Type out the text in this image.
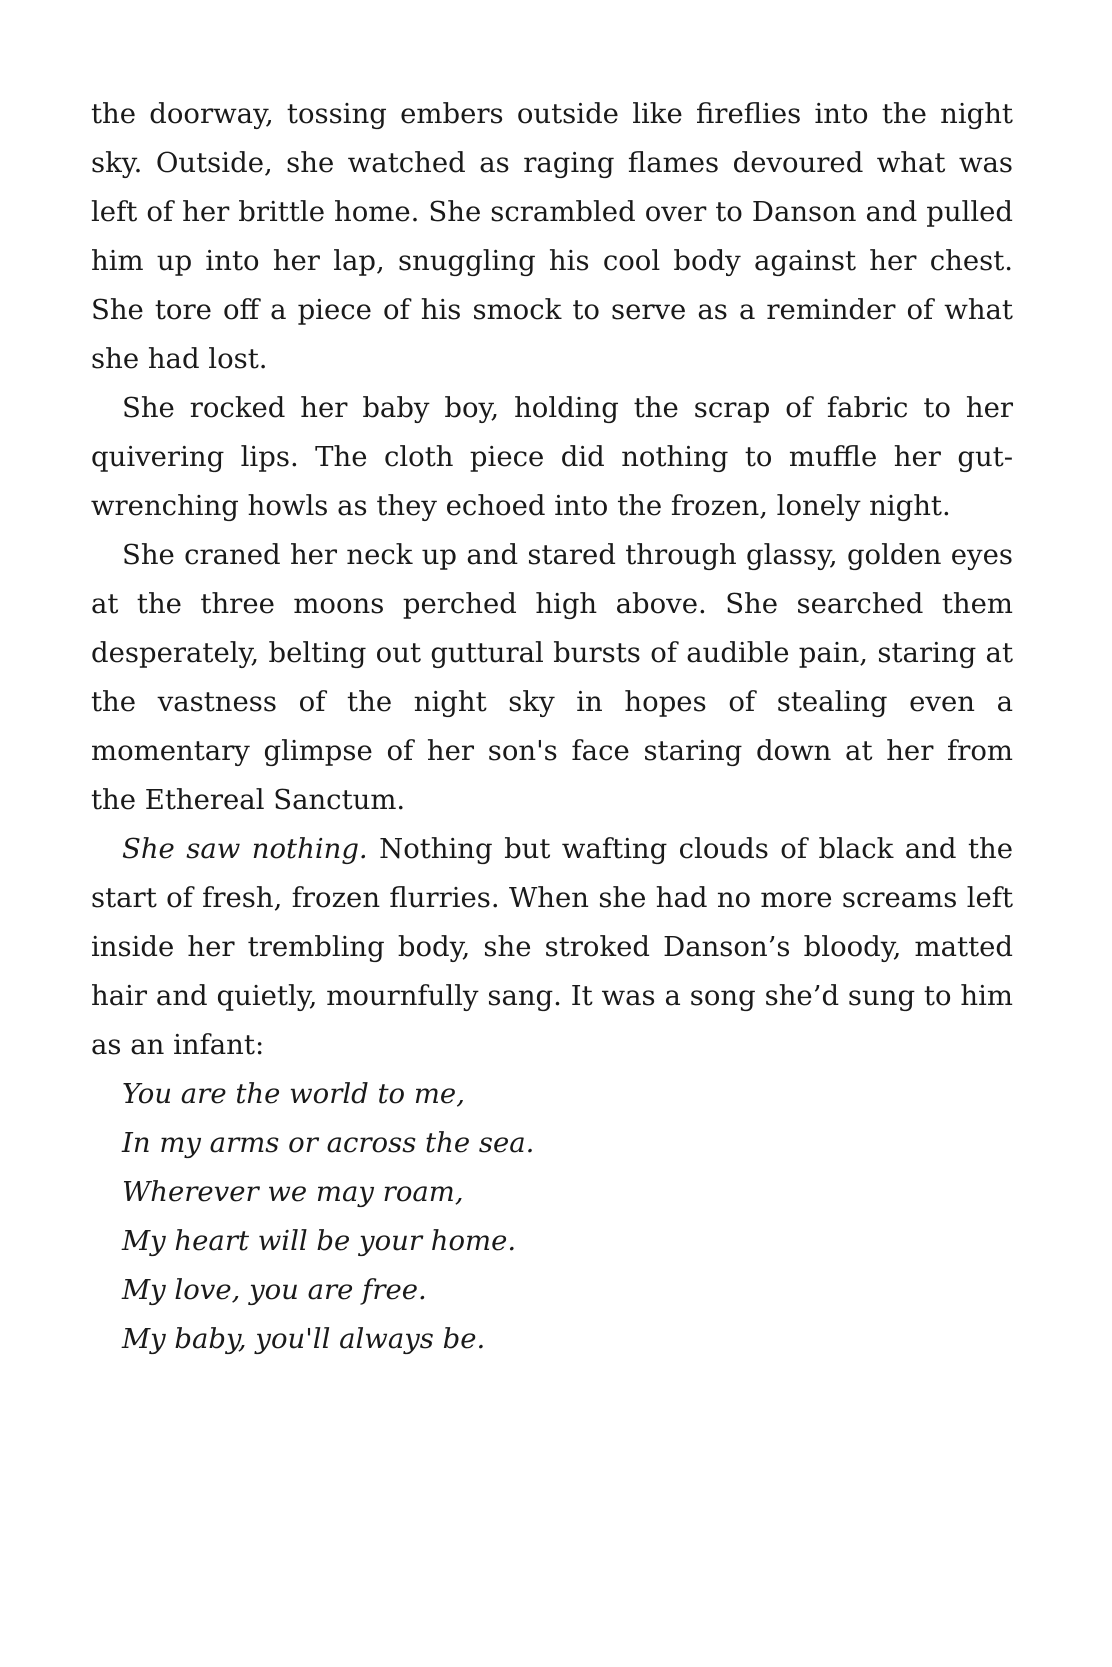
the doorway, tossing embers outside like fireflies into the night sky. Outside, she watched as raging flames devoured what was left of her brittle home. She scrambled over to Danson and pulled him up into her lap, snuggling his cool body against her chest. She tore off a piece of his smock to serve as a reminder of what she had lost.

She rocked her baby boy, holding the scrap of fabric to her quivering lips. The cloth piece did nothing to muffle her gut-wrenching howls as they echoed into the frozen, lonely night.

She craned her neck up and stared through glassy, golden eyes at the three moons perched high above. She searched them desperately, belting out guttural bursts of audible pain, staring at the vastness of the night sky in hopes of stealing even a momentary glimpse of her son's face staring down at her from the Ethereal Sanctum.

She saw nothing. Nothing but wafting clouds of black and the start of fresh, frozen flurries. When she had no more screams left inside her trembling body, she stroked Danson’s bloody, matted hair and quietly, mournfully sang. It was a song she’d sung to him as an infant:

You are the world to me,
In my arms or across the sea.
Wherever we may roam,
My heart will be your home.
My love, you are free.
My baby, you'll always be.
